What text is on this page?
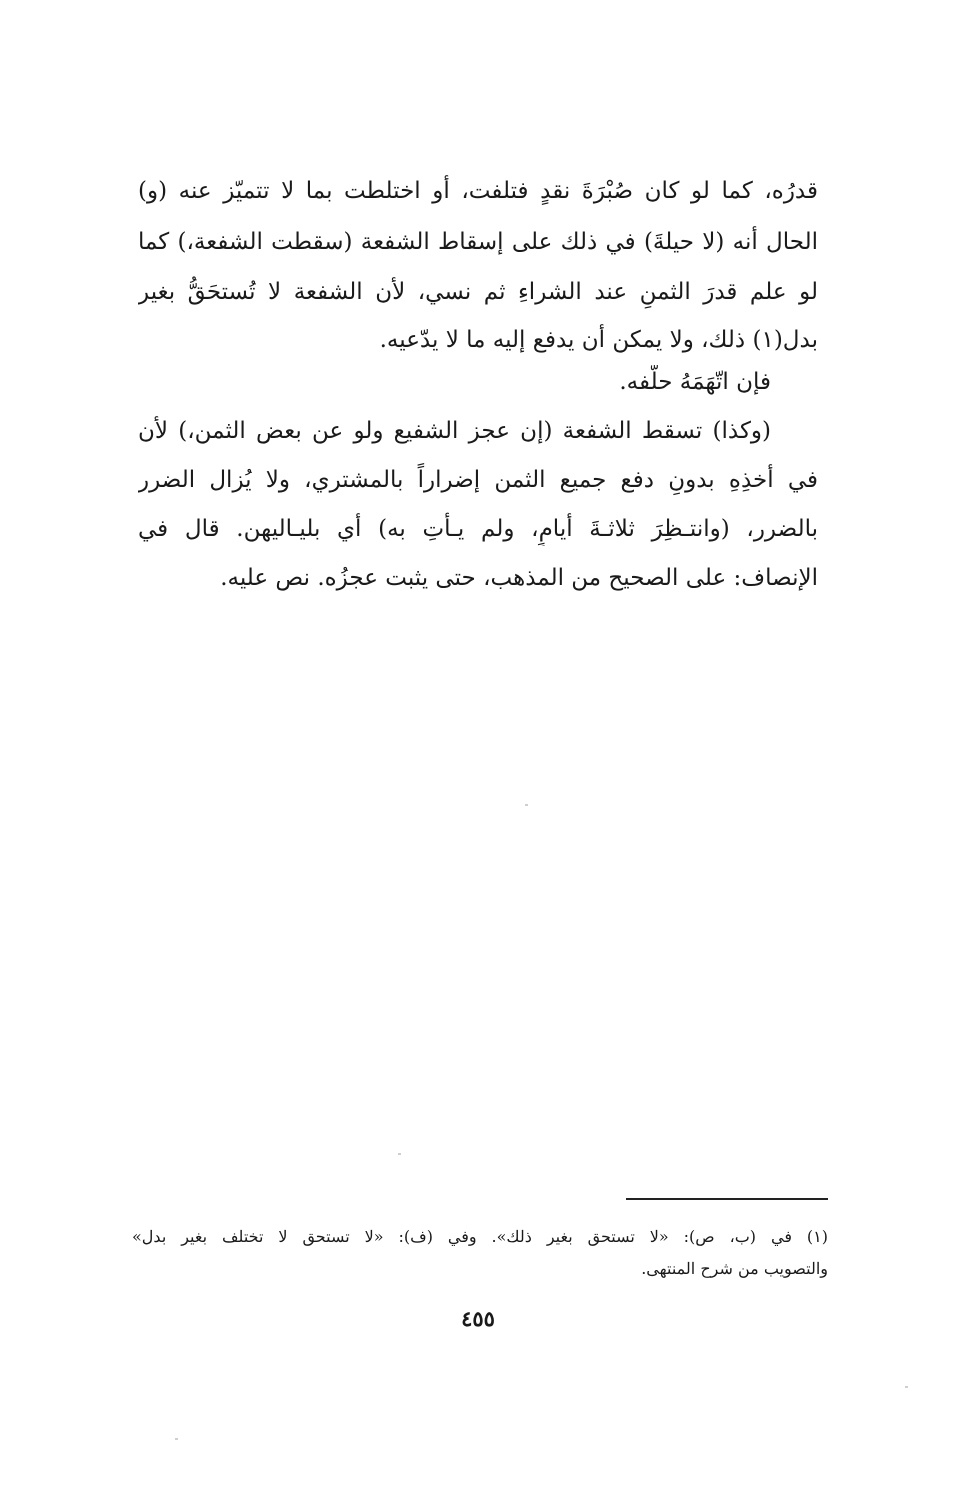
قدرُه، كما لو كان صُبْرَةَ نقدٍ فتلفت، أو اختلطت بما لا تتميّز عنه (و)
الحال أنه (لا حيلةَ) في ذلك على إسقاط الشفعة (سقطت الشفعة،) كما
لو علم قدرَ الثمنِ عند الشراءِ ثم نسي، لأن الشفعة لا تُستحَقُّ بغير
بدل(١) ذلك، ولا يمكن أن يدفع إليه ما لا يدّعيه.
فإن اتّهَمَهُ حلّفه.
(وكذا) تسقط الشفعة (إن عجز الشفيع ولو عن بعض الثمن،) لأن
في أخذِهِ بدونِ دفع جميع الثمن إضراراً بالمشتري، ولا يُزال الضرر
بالضرر، (وانتـظِرَ ثلاثـةَ أيامٍ، ولم يـأتِ به) أي بليـاليهن. قال في
الإنصاف: على الصحيح من المذهب، حتى يثبت عجزُه. نص عليه.
(١) في (ب، ص): «لا تستحق بغير ذلك». وفي (ف): «لا تستحق لا تختلف بغير بدل»
والتصويب من شرح المنتهى.
٤٥٥
